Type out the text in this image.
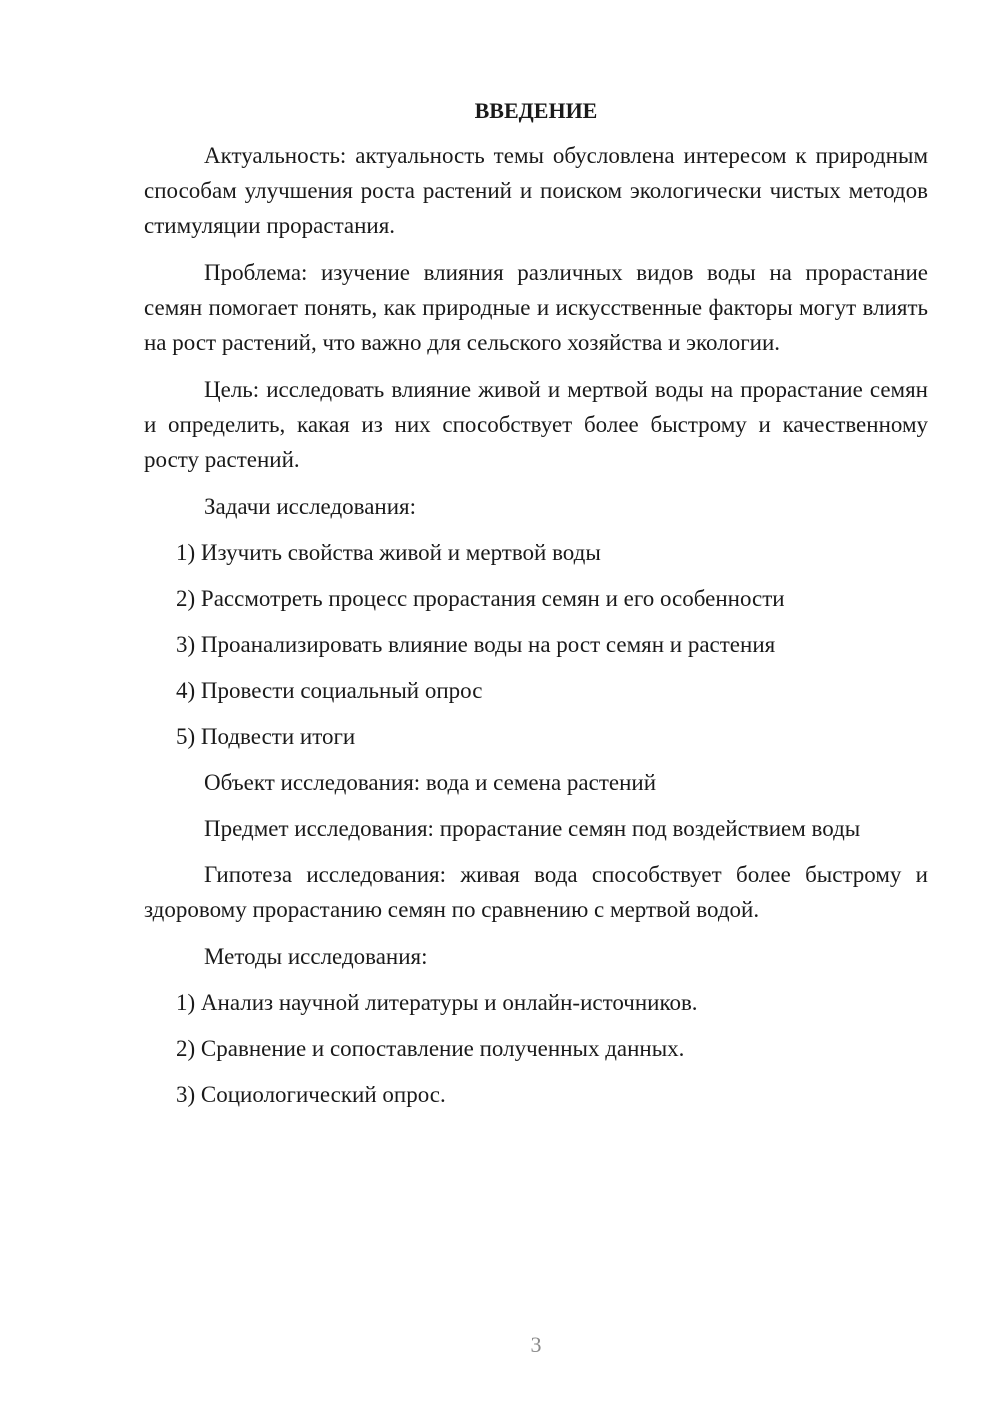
ВВЕДЕНИЕ

Актуальность: актуальность темы обусловлена интересом к природным способам улучшения роста растений и поиском экологически чистых методов стимуляции прорастания.

Проблема: изучение влияния различных видов воды на прорастание семян помогает понять, как природные и искусственные факторы могут влиять на рост растений, что важно для сельского хозяйства и экологии.

Цель: исследовать влияние живой и мертвой воды на прорастание семян и определить, какая из них способствует более быстрому и качественному росту растений.

Задачи исследования:
1) Изучить свойства живой и мертвой воды
2) Рассмотреть процесс прорастания семян и его особенности
3) Проанализировать влияние воды на рост семян и растения
4) Провести социальный опрос
5) Подвести итоги
Объект исследования: вода и семена растений
Предмет исследования: прорастание семян под воздействием воды

Гипотеза исследования: живая вода способствует более быстрому и здоровому прорастанию семян по сравнению с мертвой водой.

Методы исследования:
1) Анализ научной литературы и онлайн-источников.
2) Сравнение и сопоставление полученных данных.
3) Социологический опрос.
3
